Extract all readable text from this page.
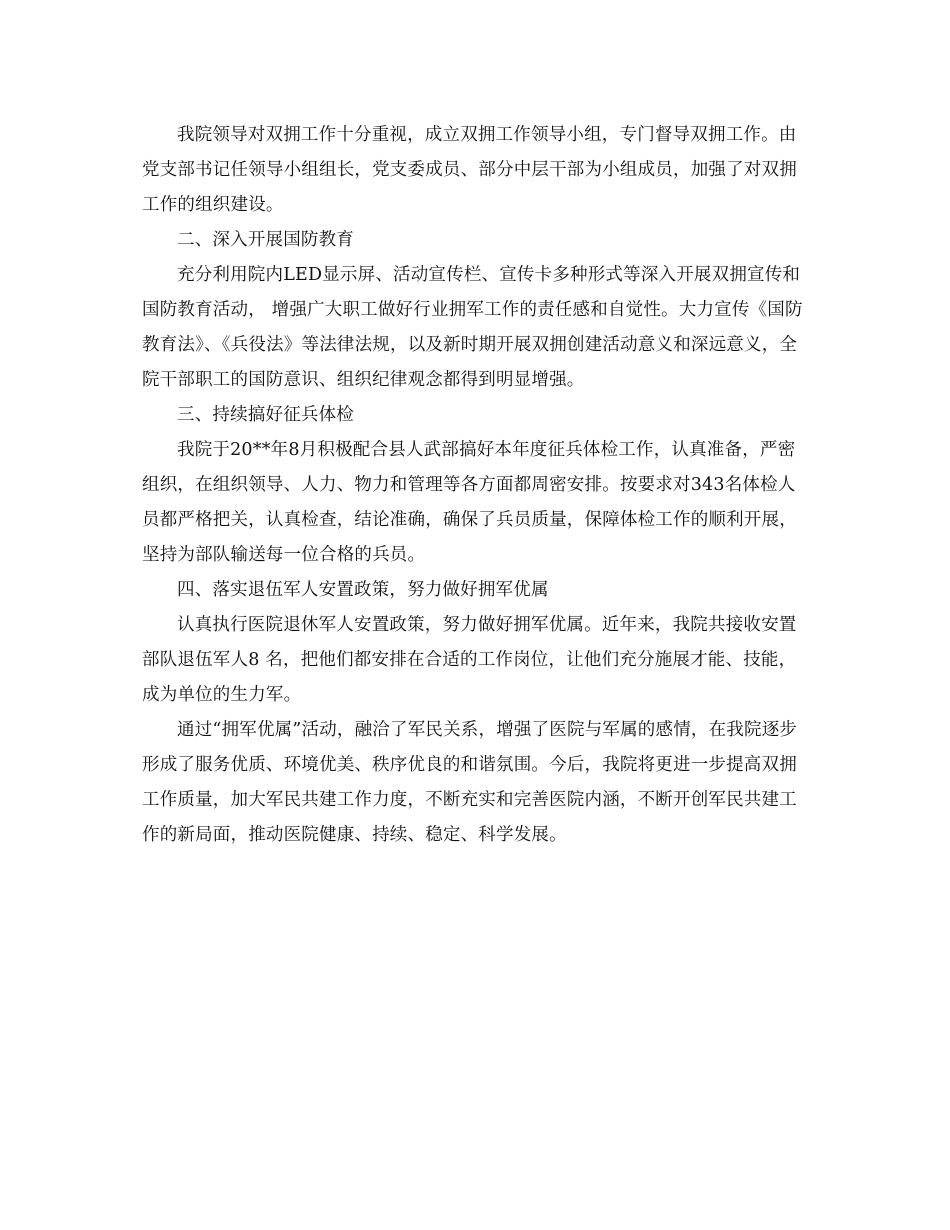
我院领导对双拥工作十分重视，成立双拥工作领导小组，专门督导双拥工作。由党支部书记任领导小组组长，党支委成员、部分中层干部为小组成员，加强了对双拥工作的组织建设。

二、深入开展国防教育

充分利用院内LED显示屏、活动宣传栏、宣传卡多种形式等深入开展双拥宣传和国防教育活动， 增强广大职工做好行业拥军工作的责任感和自觉性。大力宣传《国防教育法》、《兵役法》等法律法规，以及新时期开展双拥创建活动意义和深远意义，全院干部职工的国防意识、组织纪律观念都得到明显增强。

三、持续搞好征兵体检

我院于20**年8月积极配合县人武部搞好本年度征兵体检工作，认真准备，严密组织，在组织领导、人力、物力和管理等各方面都周密安排。按要求对343名体检人员都严格把关，认真检查，结论准确，确保了兵员质量，保障体检工作的顺利开展，坚持为部队输送每一位合格的兵员。

四、落实退伍军人安置政策，努力做好拥军优属

认真执行医院退休军人安置政策，努力做好拥军优属。近年来，我院共接收安置部队退伍军人8 名，把他们都安排在合适的工作岗位，让他们充分施展才能、技能，成为单位的生力军。

通过“拥军优属”活动，融洽了军民关系，增强了医院与军属的感情，在我院逐步形成了服务优质、环境优美、秩序优良的和谐氛围。今后，我院将更进一步提高双拥工作质量，加大军民共建工作力度，不断充实和完善医院内涵，不断开创军民共建工作的新局面，推动医院健康、持续、稳定、科学发展。
